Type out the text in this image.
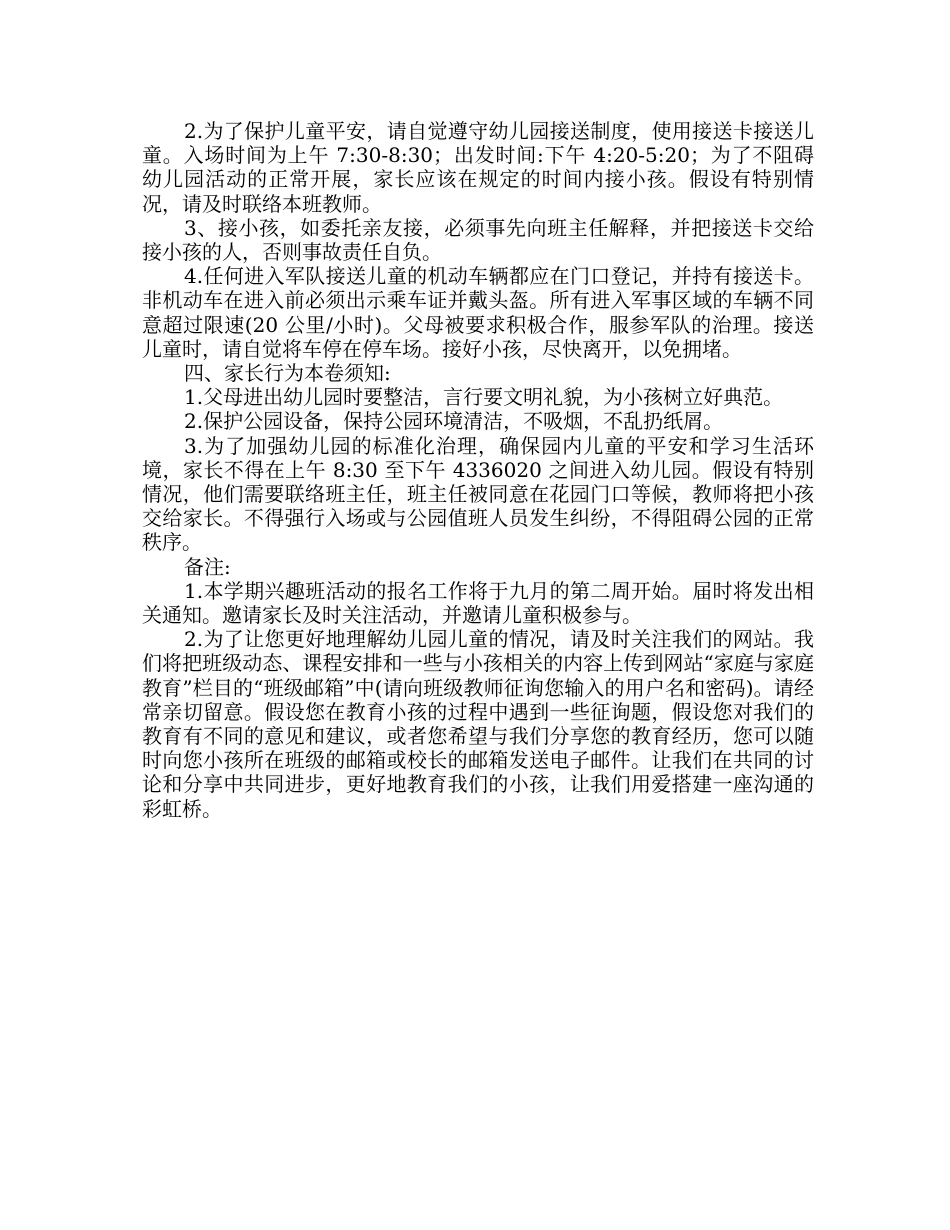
2.为了保护儿童平安，请自觉遵守幼儿园接送制度，使用接送卡接送儿童。入场时间为上午 7:30-8:30；出发时间:下午 4:20-5:20；为了不阻碍幼儿园活动的正常开展，家长应该在规定的时间内接小孩。假设有特别情况，请及时联络本班教师。

3、接小孩，如委托亲友接，必须事先向班主任解释，并把接送卡交给接小孩的人，否则事故责任自负。

4.任何进入军队接送儿童的机动车辆都应在门口登记，并持有接送卡。非机动车在进入前必须出示乘车证并戴头盔。所有进入军事区域的车辆不同意超过限速(20 公里/小时)。父母被要求积极合作，服参军队的治理。接送儿童时，请自觉将车停在停车场。接好小孩，尽快离开，以免拥堵。

四、家长行为本卷须知:

1.父母进出幼儿园时要整洁，言行要文明礼貌，为小孩树立好典范。

2.保护公园设备，保持公园环境清洁，不吸烟，不乱扔纸屑。

3.为了加强幼儿园的标准化治理，确保园内儿童的平安和学习生活环境，家长不得在上午 8:30 至下午 4336020 之间进入幼儿园。假设有特别情况，他们需要联络班主任，班主任被同意在花园门口等候，教师将把小孩交给家长。不得强行入场或与公园值班人员发生纠纷，不得阻碍公园的正常秩序。

备注:

1.本学期兴趣班活动的报名工作将于九月的第二周开始。届时将发出相关通知。邀请家长及时关注活动，并邀请儿童积极参与。

2.为了让您更好地理解幼儿园儿童的情况，请及时关注我们的网站。我们将把班级动态、课程安排和一些与小孩相关的内容上传到网站“家庭与家庭教育”栏目的“班级邮箱”中(请向班级教师征询您输入的用户名和密码)。请经常亲切留意。假设您在教育小孩的过程中遇到一些征询题，假设您对我们的教育有不同的意见和建议，或者您希望与我们分享您的教育经历，您可以随时向您小孩所在班级的邮箱或校长的邮箱发送电子邮件。让我们在共同的讨论和分享中共同进步，更好地教育我们的小孩，让我们用爱搭建一座沟通的彩虹桥。
